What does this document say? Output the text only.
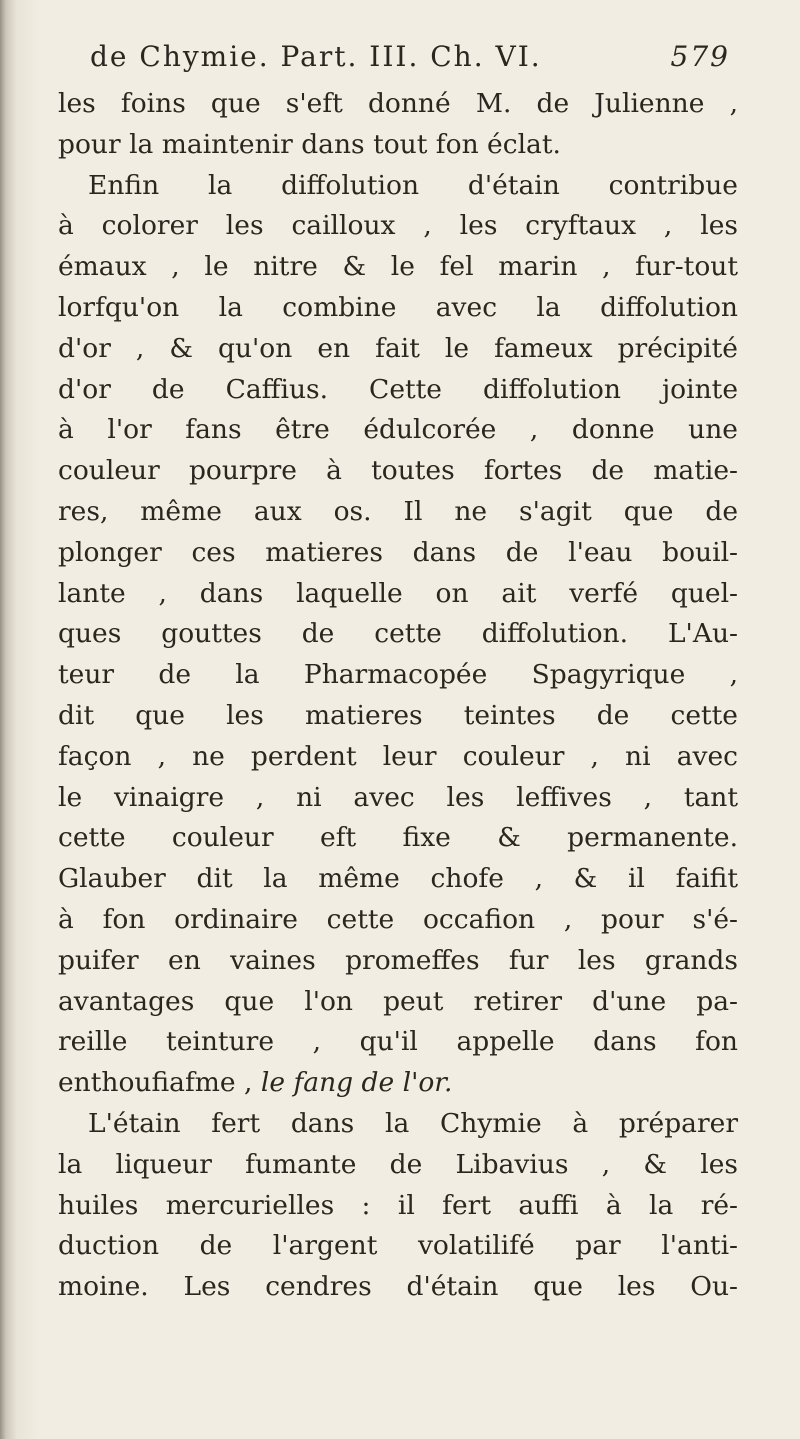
de Chymie. Part. III. Ch. VI.	579
les foins que s'eft donné M. de Julienne ,
pour la maintenir dans tout fon éclat.
Enfin la diffolution d'étain contribue
à colorer les cailloux , les cryftaux , les
émaux , le nitre & le fel marin , fur-tout
lorfqu'on la combine avec la diffolution
d'or , & qu'on en fait le fameux précipité
d'or de Caffius. Cette diffolution jointe
à l'or fans être édulcorée , donne une
couleur pourpre à toutes fortes de matie-
res, même aux os. Il ne s'agit que de
plonger ces matieres dans de l'eau bouil-
lante , dans laquelle on ait verfé quel-
ques gouttes de cette diffolution. L'Au-
teur de la Pharmacopée Spagyrique ,
dit que les matieres teintes de cette
façon , ne perdent leur couleur , ni avec
le vinaigre , ni avec les leffives , tant
cette couleur eft fixe & permanente.
Glauber dit la même chofe , & il faifit
à fon ordinaire cette occafion , pour s'é-
puifer en vaines promeffes fur les grands
avantages que l'on peut retirer d'une pa-
reille teinture , qu'il appelle dans fon
enthoufiafme , le fang de l'or.
L'étain fert dans la Chymie à préparer
la liqueur fumante de Libavius , & les
huiles mercurielles : il fert auffi à la ré-
duction de l'argent volatilifé par l'anti-
moine. Les cendres d'étain que les Ou-
